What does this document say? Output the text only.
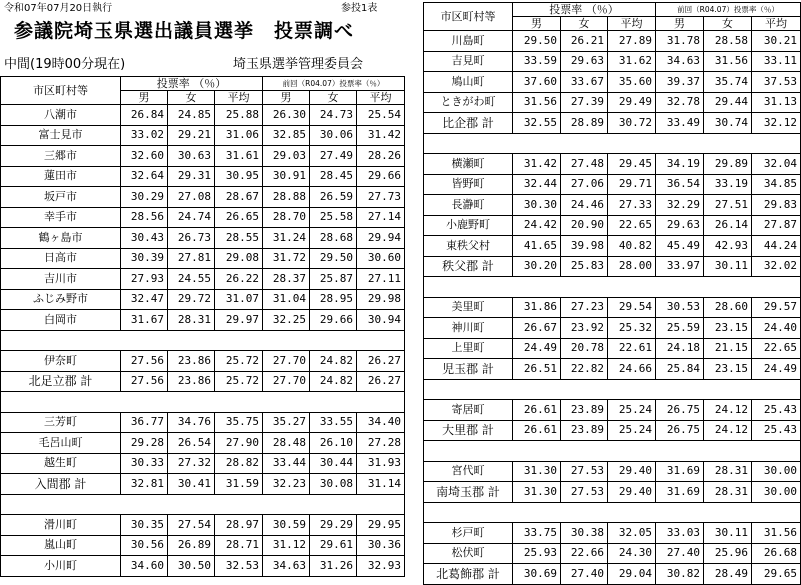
令和07年07月20日執行	参投1表
参議院埼玉県選出議員選挙　投票調べ
中間(19時00分現在)	埼玉県選挙管理委員会
市区町村等	投票率 （％）			前回（R04.07）投票率（％）		
	男	女	平均	男	女	平均
八潮市	26.84	24.85	25.88	26.30	24.73	25.54
富士見市	33.02	29.21	31.06	32.85	30.06	31.42
三郷市	32.60	30.63	31.61	29.03	27.49	28.26
蓮田市	32.64	29.31	30.95	30.91	28.45	29.66
坂戸市	30.29	27.08	28.67	28.88	26.59	27.73
幸手市	28.56	24.74	26.65	28.70	25.58	27.14
鶴ヶ島市	30.43	26.73	28.55	31.24	28.68	29.94
日高市	30.39	27.81	29.08	31.72	29.50	30.60
吉川市	27.93	24.55	26.22	28.37	25.87	27.11
ふじみ野市	32.47	29.72	31.07	31.04	28.95	29.98
白岡市	31.67	28.31	29.97	32.25	29.66	30.94

伊奈町	27.56	23.86	25.72	27.70	24.82	26.27
北足立郡 計	27.56	23.86	25.72	27.70	24.82	26.27

三芳町	36.77	34.76	35.75	35.27	33.55	34.40
毛呂山町	29.28	26.54	27.90	28.48	26.10	27.28
越生町	30.33	27.32	28.82	33.44	30.44	31.93
入間郡 計	32.81	30.41	31.59	32.23	30.08	31.14

滑川町	30.35	27.54	28.97	30.59	29.29	29.95
嵐山町	30.56	26.89	28.71	31.12	29.61	30.36
小川町	34.60	30.50	32.53	34.63	31.26	32.93
市区町村等	投票率 （％）			前回（R04.07）投票率（％）		
	男	女	平均	男	女	平均
川島町	29.50	26.21	27.89	31.78	28.58	30.21
吉見町	33.59	29.63	31.62	34.63	31.56	33.11
鳩山町	37.60	33.67	35.60	39.37	35.74	37.53
ときがわ町	31.56	27.39	29.49	32.78	29.44	31.13
比企郡 計	32.55	28.89	30.72	33.49	30.74	32.12

横瀬町	31.42	27.48	29.45	34.19	29.89	32.04
皆野町	32.44	27.06	29.71	36.54	33.19	34.85
長瀞町	30.30	24.46	27.33	32.29	27.51	29.83
小鹿野町	24.42	20.90	22.65	29.63	26.14	27.87
東秩父村	41.65	39.98	40.82	45.49	42.93	44.24
秩父郡 計	30.20	25.83	28.00	33.97	30.11	32.02

美里町	31.86	27.23	29.54	30.53	28.60	29.57
神川町	26.67	23.92	25.32	25.59	23.15	24.40
上里町	24.49	20.78	22.61	24.18	21.15	22.65
児玉郡 計	26.51	22.82	24.66	25.84	23.15	24.49

寄居町	26.61	23.89	25.24	26.75	24.12	25.43
大里郡 計	26.61	23.89	25.24	26.75	24.12	25.43

宮代町	31.30	27.53	29.40	31.69	28.31	30.00
南埼玉郡 計	31.30	27.53	29.40	31.69	28.31	30.00

杉戸町	33.75	30.38	32.05	33.03	30.11	31.56
松伏町	25.93	22.66	24.30	27.40	25.96	26.68
北葛飾郡 計	30.69	27.40	29.04	30.82	28.49	29.65
